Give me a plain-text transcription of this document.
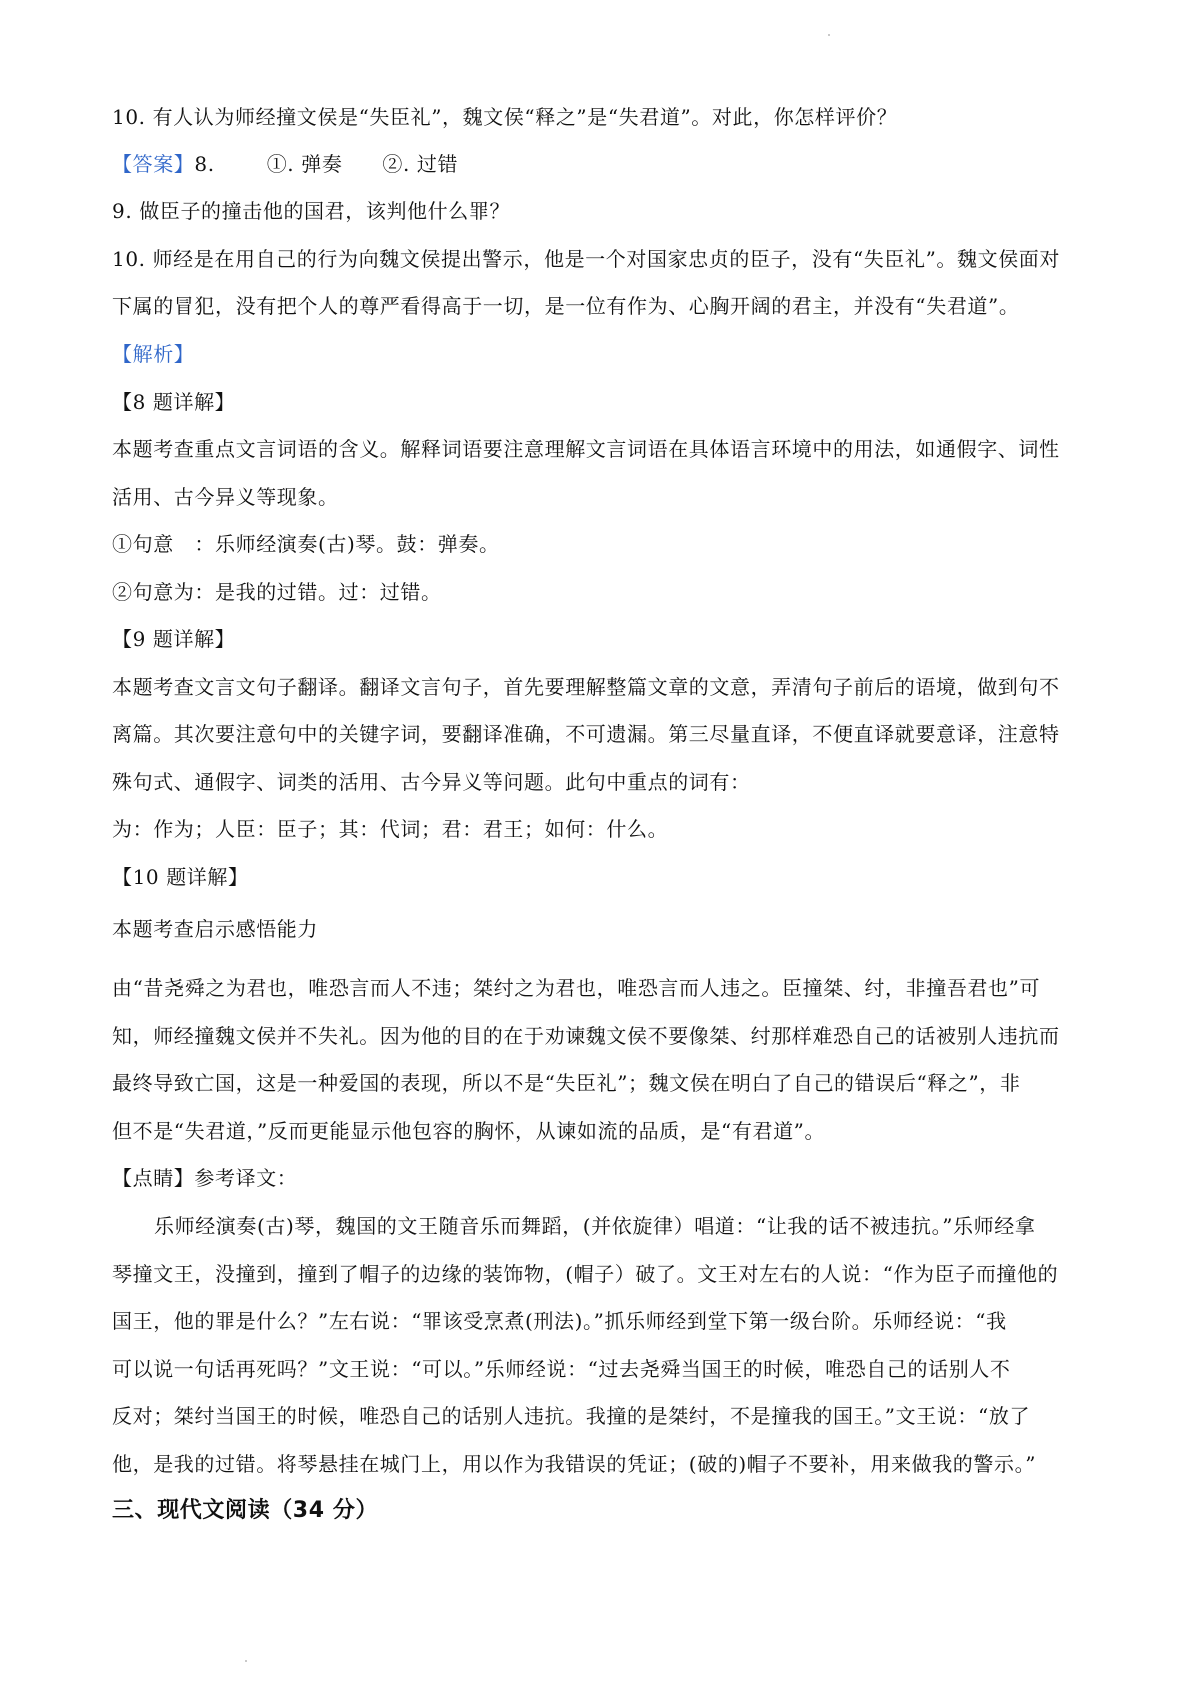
10. 有人认为师经撞文侯是“失臣礼”，魏文侯“释之”是“失君道”。对此，你怎样评价？
【答案】8.	①. 弹奏 ②. 过错
9. 做臣子的撞击他的国君，该判他什么罪？
10. 师经是在用自己的行为向魏文侯提出警示，他是一个对国家忠贞的臣子，没有“失臣礼”。魏文侯面对
下属的冒犯，没有把个人的尊严看得高于一切，是一位有作为、心胸开阔的君主，并没有“失君道”。
【解析】
【8 题详解】
本题考查重点文言词语的含义。解释词语要注意理解文言词语在具体语言环境中的用法，如通假字、词性
活用、古今异义等现象。
①句意　：乐师经演奏(古)琴。鼓：弹奏。
②句意为：是我的过错。过：过错。
【9 题详解】
本题考查文言文句子翻译。翻译文言句子，首先要理解整篇文章的文意，弄清句子前后的语境，做到句不
离篇。其次要注意句中的关键字词，要翻译准确，不可遗漏。第三尽量直译，不便直译就要意译，注意特
殊句式、通假字、词类的活用、古今异义等问题。此句中重点的词有：
为：作为；人臣：臣子；其：代词；君：君王；如何：什么。
【10 题详解】
本题考查启示感悟能力
由“昔尧舜之为君也，唯恐言而人不违；桀纣之为君也，唯恐言而人违之。臣撞桀、纣，非撞吾君也”可
知，师经撞魏文侯并不失礼。因为他的目的在于劝谏魏文侯不要像桀、纣那样难恐自己的话被别人违抗而
最终导致亡国，这是一种爱国的表现，所以不是“失臣礼”；魏文侯在明白了自己的错误后“释之”，非
但不是“失君道，”反而更能显示他包容的胸怀，从谏如流的品质，是“有君道”。
【点睛】参考译文：
乐师经演奏(古)琴，魏国的文王随音乐而舞蹈，(并依旋律）唱道：“让我的话不被违抗。”乐师经拿
琴撞文王，没撞到，撞到了帽子的边缘的装饰物，(帽子）破了。文王对左右的人说：“作为臣子而撞他的
国王，他的罪是什么？”左右说：“罪该受烹煮(刑法)。”抓乐师经到堂下第一级台阶。乐师经说：“我
可以说一句话再死吗？”文王说：“可以。”乐师经说：“过去尧舜当国王的时候，唯恐自己的话别人不
反对；桀纣当国王的时候，唯恐自己的话别人违抗。我撞的是桀纣，不是撞我的国王。”文王说：“放了
他，是我的过错。将琴悬挂在城门上，用以作为我错误的凭证；(破的)帽子不要补，用来做我的警示。”
三、现代文阅读（34 分）
